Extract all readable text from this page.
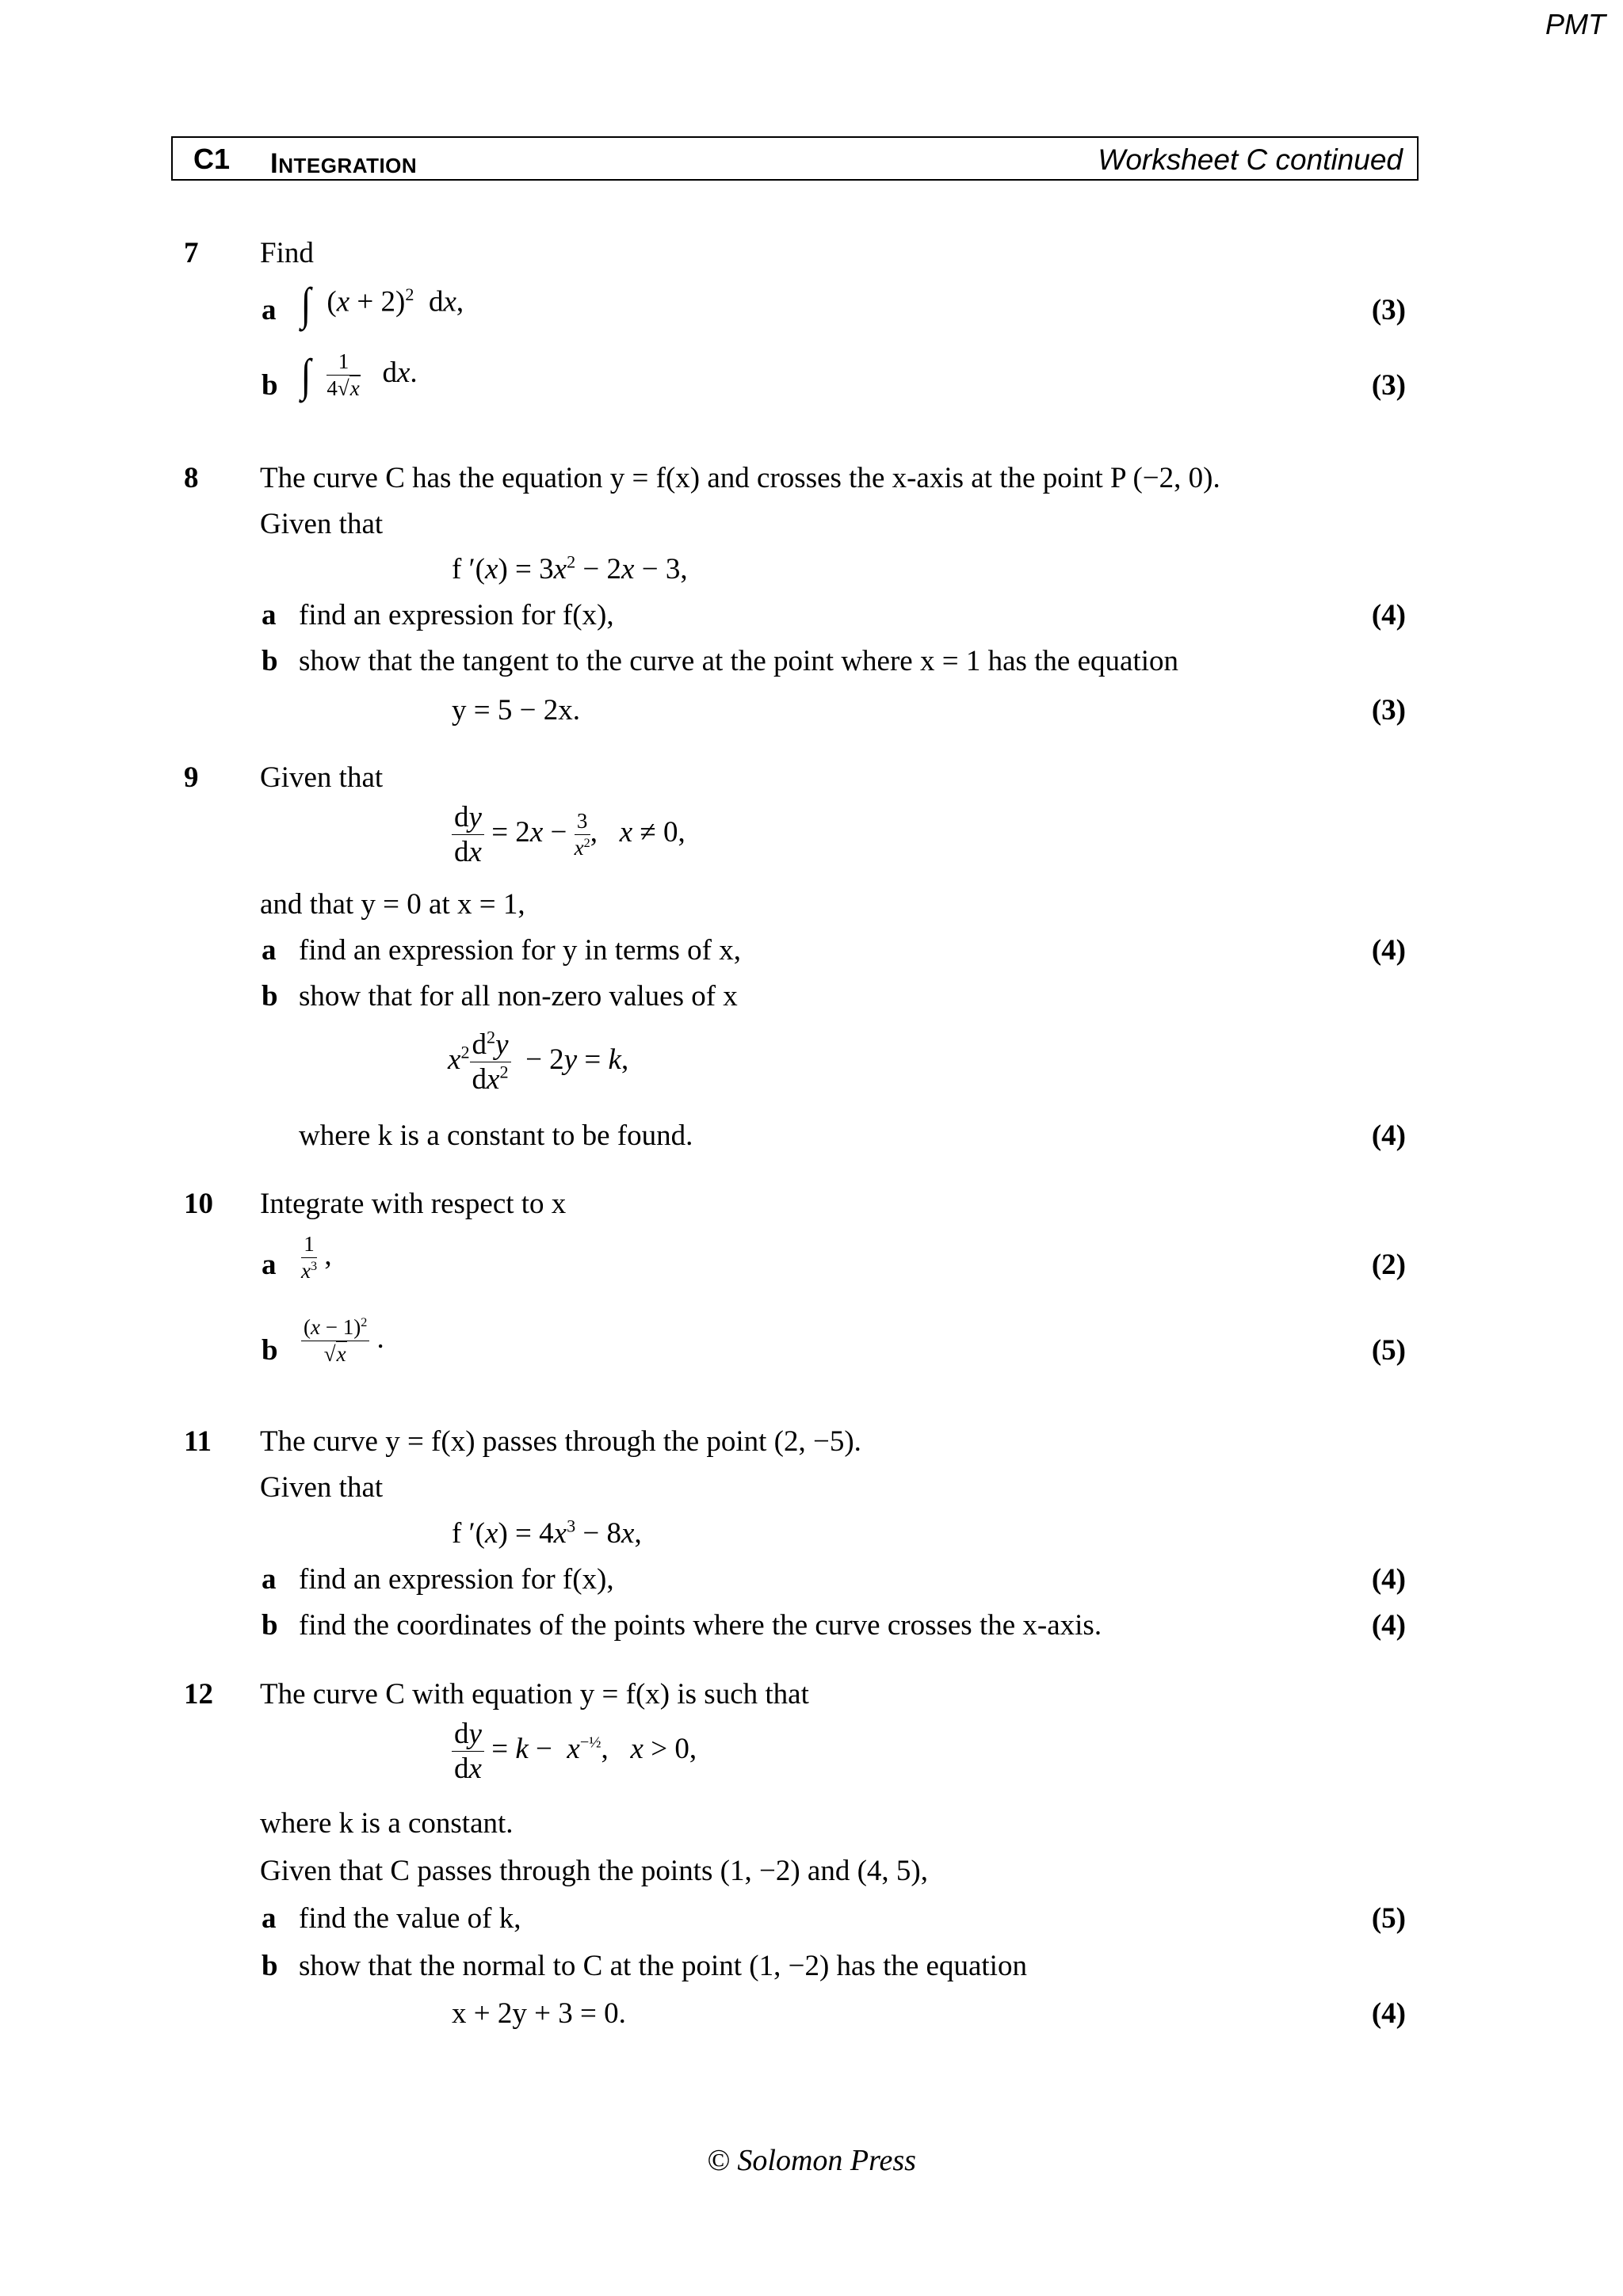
PMT
C1 INTEGRATION	Worksheet C continued
7 Find
a ∫  $(x + 2)^2$  dx,	(3)
b ∫ $\frac{1}{4√x}$ dx.	(3)
8 The curve C has the equation y = f(x) and crosses the x-axis at the point P (−2, 0).
Given that
f $'(x) = 3x^2 - 2x - 3$,
a find an expression for f(x),	(4)
b show that the tangent to the curve at the point where x = 1 has the equation
y = 5 − 2x.	(3)
9 Given that
$\frac{dy}{dx} = 2x - \frac{3}{x^2}$ ,   x ≠ 0,
and that y = 0 at x = 1,
a find an expression for y in terms of x,	(4)
b show that for all non-zero values of x
$x^2 \frac{d^2y}{dx^2} - 2y = k$,
where k is a constant to be found.	(4)
10 Integrate with respect to x
a $\frac{1}{x^3}$ ,	(2)
b $\frac{(x - 1)^2}{√x}$ .	(5)
11 The curve y = f(x) passes through the point (2, −5).
Given that
f $'(x) = 4x^3 - 8x$,
a find an expression for f(x),	(4)
b find the coordinates of the points where the curve crosses the x-axis.	(4)
12 The curve C with equation y = f(x) is such that
$\frac{dy}{dx} = k - x^{-\frac{1}{2}}$,   x > 0,
where k is a constant.
Given that C passes through the points (1, −2) and (4, 5),
a find the value of k,	(5)
b show that the normal to C at the point (1, −2) has the equation
x + 2y + 3 = 0.	(4)
© Solomon Press
